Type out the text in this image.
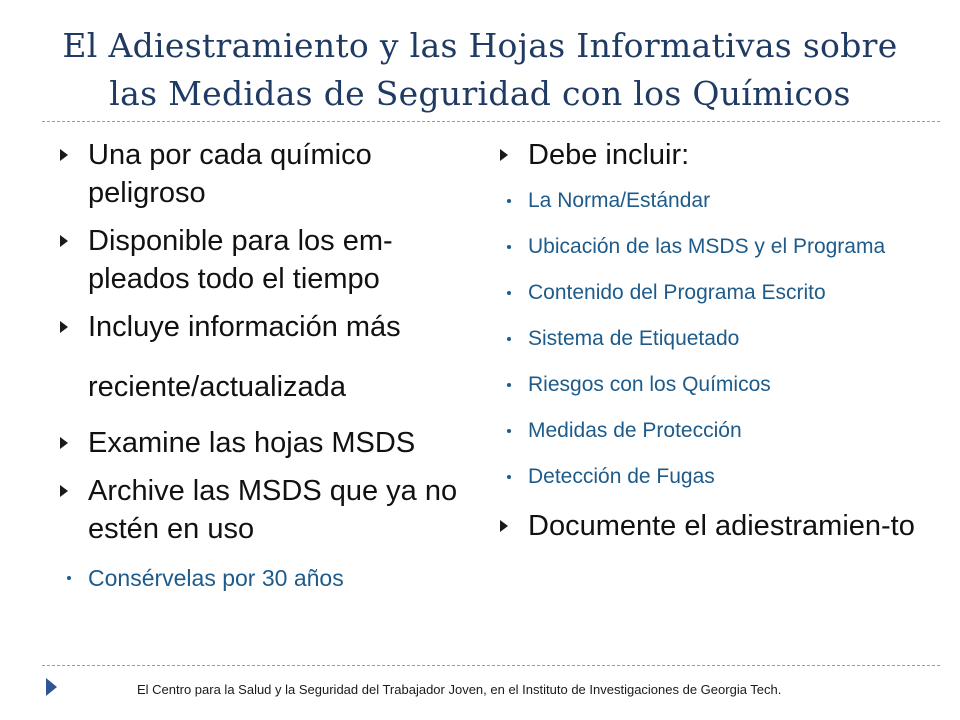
El Adiestramiento y las Hojas Informativas sobre
las Medidas de Seguridad con los Químicos
Una por cada químico peligroso
Disponible para los em-pleados todo el tiempo
Incluye información más
reciente/actualizada
Examine las hojas MSDS
Archive las MSDS que ya no estén en uso
Consérvelas por 30 años
Debe incluir:
La Norma/Estándar
Ubicación de las MSDS y el Programa
Contenido del Programa Escrito
Sistema de Etiquetado
Riesgos con los Químicos
Medidas de Protección
Detección de Fugas
Documente el adiestramien-to
El Centro para la Salud y la Seguridad del Trabajador Joven, en el Instituto de Investigaciones de Georgia Tech.
